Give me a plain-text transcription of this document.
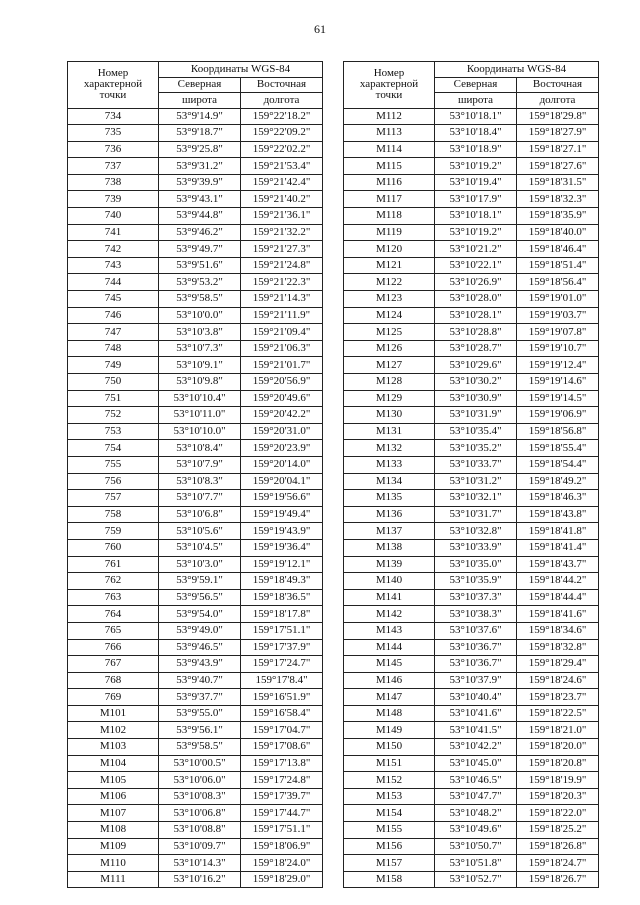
61
Номер
характерной
точки	Координаты WGS-84	
	Северная	Восточная
	широта	долгота
734	53°9'14.9"	159°22'18.2"
735	53°9'18.7"	159°22'09.2"
736	53°9'25.8"	159°22'02.2"
737	53°9'31.2"	159°21'53.4"
738	53°9'39.9"	159°21'42.4"
739	53°9'43.1"	159°21'40.2"
740	53°9'44.8"	159°21'36.1"
741	53°9'46.2"	159°21'32.2"
742	53°9'49.7"	159°21'27.3"
743	53°9'51.6"	159°21'24.8"
744	53°9'53.2"	159°21'22.3"
745	53°9'58.5"	159°21'14.3"
746	53°10'0.0"	159°21'11.9"
747	53°10'3.8"	159°21'09.4"
748	53°10'7.3"	159°21'06.3"
749	53°10'9.1"	159°21'01.7"
750	53°10'9.8"	159°20'56.9"
751	53°10'10.4"	159°20'49.6"
752	53°10'11.0"	159°20'42.2"
753	53°10'10.0"	159°20'31.0"
754	53°10'8.4"	159°20'23.9"
755	53°10'7.9"	159°20'14.0"
756	53°10'8.3"	159°20'04.1"
757	53°10'7.7"	159°19'56.6"
758	53°10'6.8"	159°19'49.4"
759	53°10'5.6"	159°19'43.9"
760	53°10'4.5"	159°19'36.4"
761	53°10'3.0"	159°19'12.1"
762	53°9'59.1"	159°18'49.3"
763	53°9'56.5"	159°18'36.5"
764	53°9'54.0"	159°18'17.8"
765	53°9'49.0"	159°17'51.1"
766	53°9'46.5"	159°17'37.9"
767	53°9'43.9"	159°17'24.7"
768	53°9'40.7"	159°17'8.4"
769	53°9'37.7"	159°16'51.9"
M101	53°9'55.0"	159°16'58.4"
M102	53°9'56.1"	159°17'04.7"
M103	53°9'58.5"	159°17'08.6"
M104	53°10'00.5"	159°17'13.8"
M105	53°10'06.0"	159°17'24.8"
M106	53°10'08.3"	159°17'39.7"
M107	53°10'06.8"	159°17'44.7"
M108	53°10'08.8"	159°17'51.1"
M109	53°10'09.7"	159°18'06.9"
M110	53°10'14.3"	159°18'24.0"
M111	53°10'16.2"	159°18'29.0"
Номер
характерной
точки	Координаты WGS-84	
	Северная	Восточная
	широта	долгота
M112	53°10'18.1"	159°18'29.8"
M113	53°10'18.4"	159°18'27.9"
M114	53°10'18.9"	159°18'27.1"
M115	53°10'19.2"	159°18'27.6"
M116	53°10'19.4"	159°18'31.5"
M117	53°10'17.9"	159°18'32.3"
M118	53°10'18.1"	159°18'35.9"
M119	53°10'19.2"	159°18'40.0"
M120	53°10'21.2"	159°18'46.4"
M121	53°10'22.1"	159°18'51.4"
M122	53°10'26.9"	159°18'56.4"
M123	53°10'28.0"	159°19'01.0"
M124	53°10'28.1"	159°19'03.7"
M125	53°10'28.8"	159°19'07.8"
M126	53°10'28.7"	159°19'10.7"
M127	53°10'29.6"	159°19'12.4"
M128	53°10'30.2"	159°19'14.6"
M129	53°10'30.9"	159°19'14.5"
M130	53°10'31.9"	159°19'06.9"
M131	53°10'35.4"	159°18'56.8"
M132	53°10'35.2"	159°18'55.4"
M133	53°10'33.7"	159°18'54.4"
M134	53°10'31.2"	159°18'49.2"
M135	53°10'32.1"	159°18'46.3"
M136	53°10'31.7"	159°18'43.8"
M137	53°10'32.8"	159°18'41.8"
M138	53°10'33.9"	159°18'41.4"
M139	53°10'35.0"	159°18'43.7"
M140	53°10'35.9"	159°18'44.2"
M141	53°10'37.3"	159°18'44.4"
M142	53°10'38.3"	159°18'41.6"
M143	53°10'37.6"	159°18'34.6"
M144	53°10'36.7"	159°18'32.8"
M145	53°10'36.7"	159°18'29.4"
M146	53°10'37.9"	159°18'24.6"
M147	53°10'40.4"	159°18'23.7"
M148	53°10'41.6"	159°18'22.5"
M149	53°10'41.5"	159°18'21.0"
M150	53°10'42.2"	159°18'20.0"
M151	53°10'45.0"	159°18'20.8"
M152	53°10'46.5"	159°18'19.9"
M153	53°10'47.7"	159°18'20.3"
M154	53°10'48.2"	159°18'22.0"
M155	53°10'49.6"	159°18'25.2"
M156	53°10'50.7"	159°18'26.8"
M157	53°10'51.8"	159°18'24.7"
M158	53°10'52.7"	159°18'26.7"
